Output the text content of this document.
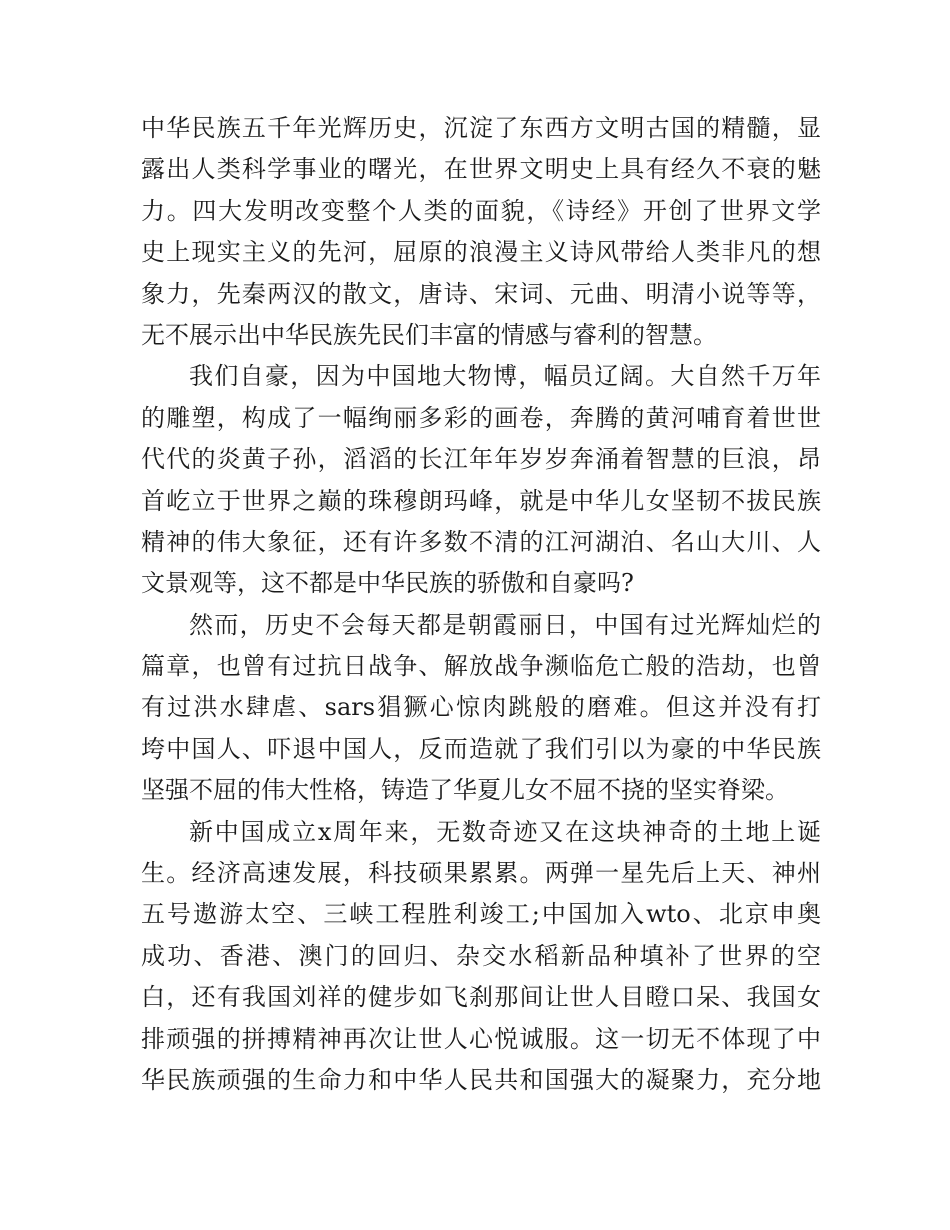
中华民族五千年光辉历史，沉淀了东西方文明古国的精髓，显
露出人类科学事业的曙光，在世界文明史上具有经久不衰的魅
力。四大发明改变整个人类的面貌，《诗经》开创了世界文学
史上现实主义的先河，屈原的浪漫主义诗风带给人类非凡的想
象力，先秦两汉的散文，唐诗、宋词、元曲、明清小说等等，
无不展示出中华民族先民们丰富的情感与睿利的智慧。
我们自豪，因为中国地大物博，幅员辽阔。大自然千万年
的雕塑，构成了一幅绚丽多彩的画卷，奔腾的黄河哺育着世世
代代的炎黄子孙，滔滔的长江年年岁岁奔涌着智慧的巨浪，昂
首屹立于世界之巅的珠穆朗玛峰，就是中华儿女坚韧不拔民族
精神的伟大象征，还有许多数不清的江河湖泊、名山大川、人
文景观等，这不都是中华民族的骄傲和自豪吗?
然而，历史不会每天都是朝霞丽日，中国有过光辉灿烂的
篇章，也曾有过抗日战争、解放战争濒临危亡般的浩劫，也曾
有过洪水肆虐、sars猖獗心惊肉跳般的磨难。但这并没有打
垮中国人、吓退中国人，反而造就了我们引以为豪的中华民族
坚强不屈的伟大性格，铸造了华夏儿女不屈不挠的坚实脊梁。
新中国成立x周年来，无数奇迹又在这块神奇的土地上诞
生。经济高速发展，科技硕果累累。两弹一星先后上天、神州
五号遨游太空、三峡工程胜利竣工;中国加入wto、北京申奥
成功、香港、澳门的回归、杂交水稻新品种填补了世界的空
白，还有我国刘祥的健步如飞刹那间让世人目瞪口呆、我国女
排顽强的拼搏精神再次让世人心悦诚服。这一切无不体现了中
华民族顽强的生命力和中华人民共和国强大的凝聚力，充分地
